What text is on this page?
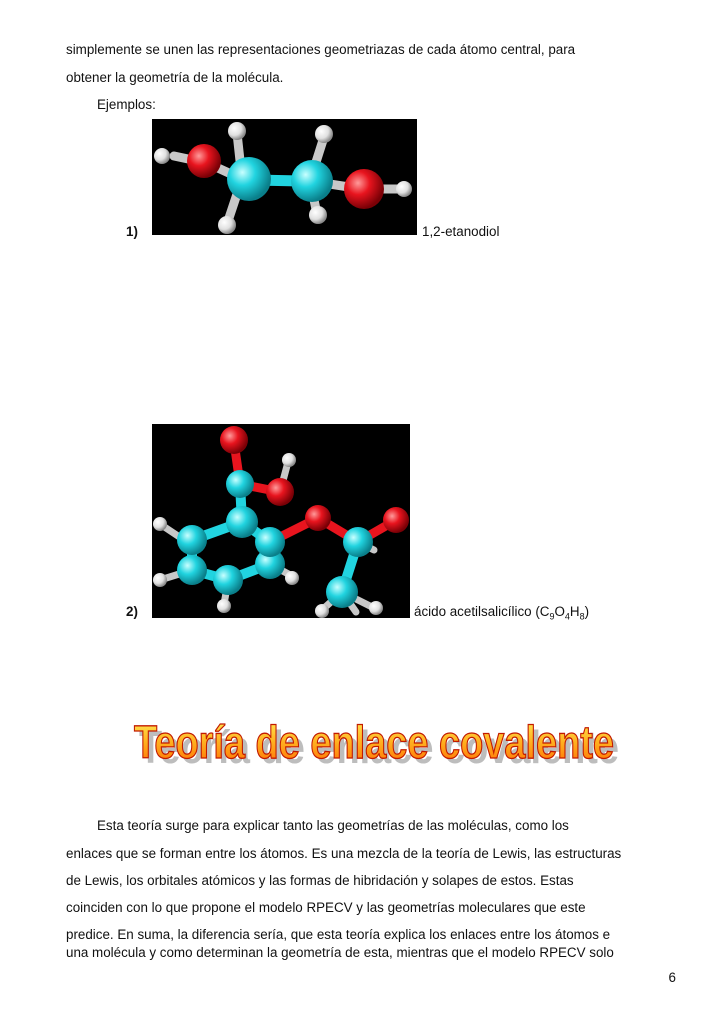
simplemente se unen las representaciones geometriazas de cada átomo central, para
obtener la geometría de la molécula.
Ejemplos:
1)	1,2-etanodiol
2)	ácido acetilsalicílico $(C_9O_4H_8)$
Teoría de enlace covalente
Teoría de enlace covalente
Esta teoría surge para explicar tanto las geometrías de las moléculas, como los
enlaces que se forman entre los átomos. Es una mezcla de la teoría de Lewis, las estructuras
de Lewis, los orbitales atómicos y las formas de hibridación y solapes de estos. Estas
coinciden con lo que propone el modelo RPECV y las geometrías moleculares que este
predice. En suma, la diferencia sería, que esta teoría explica los enlaces entre los átomos e
una molécula y como determinan la geometría de esta, mientras que el modelo RPECV solo
6
